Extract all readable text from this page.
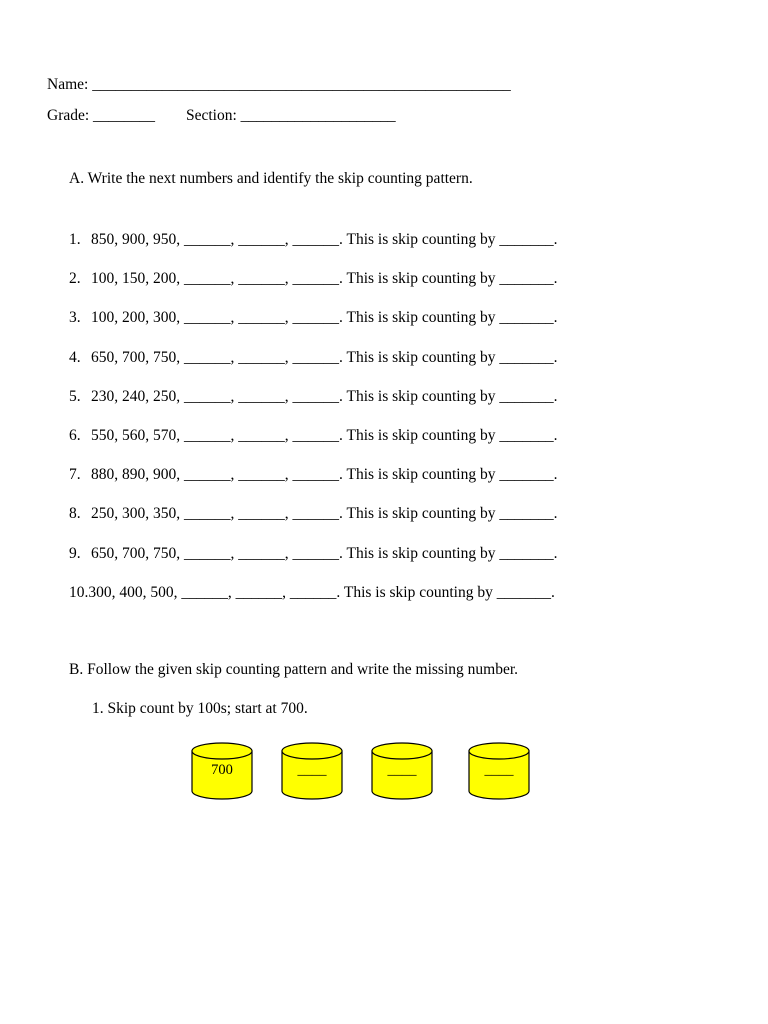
Name: ______________________________________________________
Grade: ________ Section: ____________________
A. Write the next numbers and identify the skip counting pattern.
1. 850, 900, 950, ______, ______, ______. This is skip counting by _______.
2. 100, 150, 200, ______, ______, ______. This is skip counting by _______.
3. 100, 200, 300, ______, ______, ______. This is skip counting by _______.
4. 650, 700, 750, ______, ______, ______. This is skip counting by _______.
5. 230, 240, 250, ______, ______, ______. This is skip counting by _______.
6. 550, 560, 570, ______, ______, ______. This is skip counting by _______.
7. 880, 890, 900, ______, ______, ______. This is skip counting by _______.
8. 250, 300, 350, ______, ______, ______. This is skip counting by _______.
9. 650, 700, 750, ______, ______, ______. This is skip counting by _______.
10.300, 400, 500, ______, ______, ______. This is skip counting by _______.
B. Follow the given skip counting pattern and write the missing number.
1. Skip count by 100s; start at 700.
700	____	____	____
